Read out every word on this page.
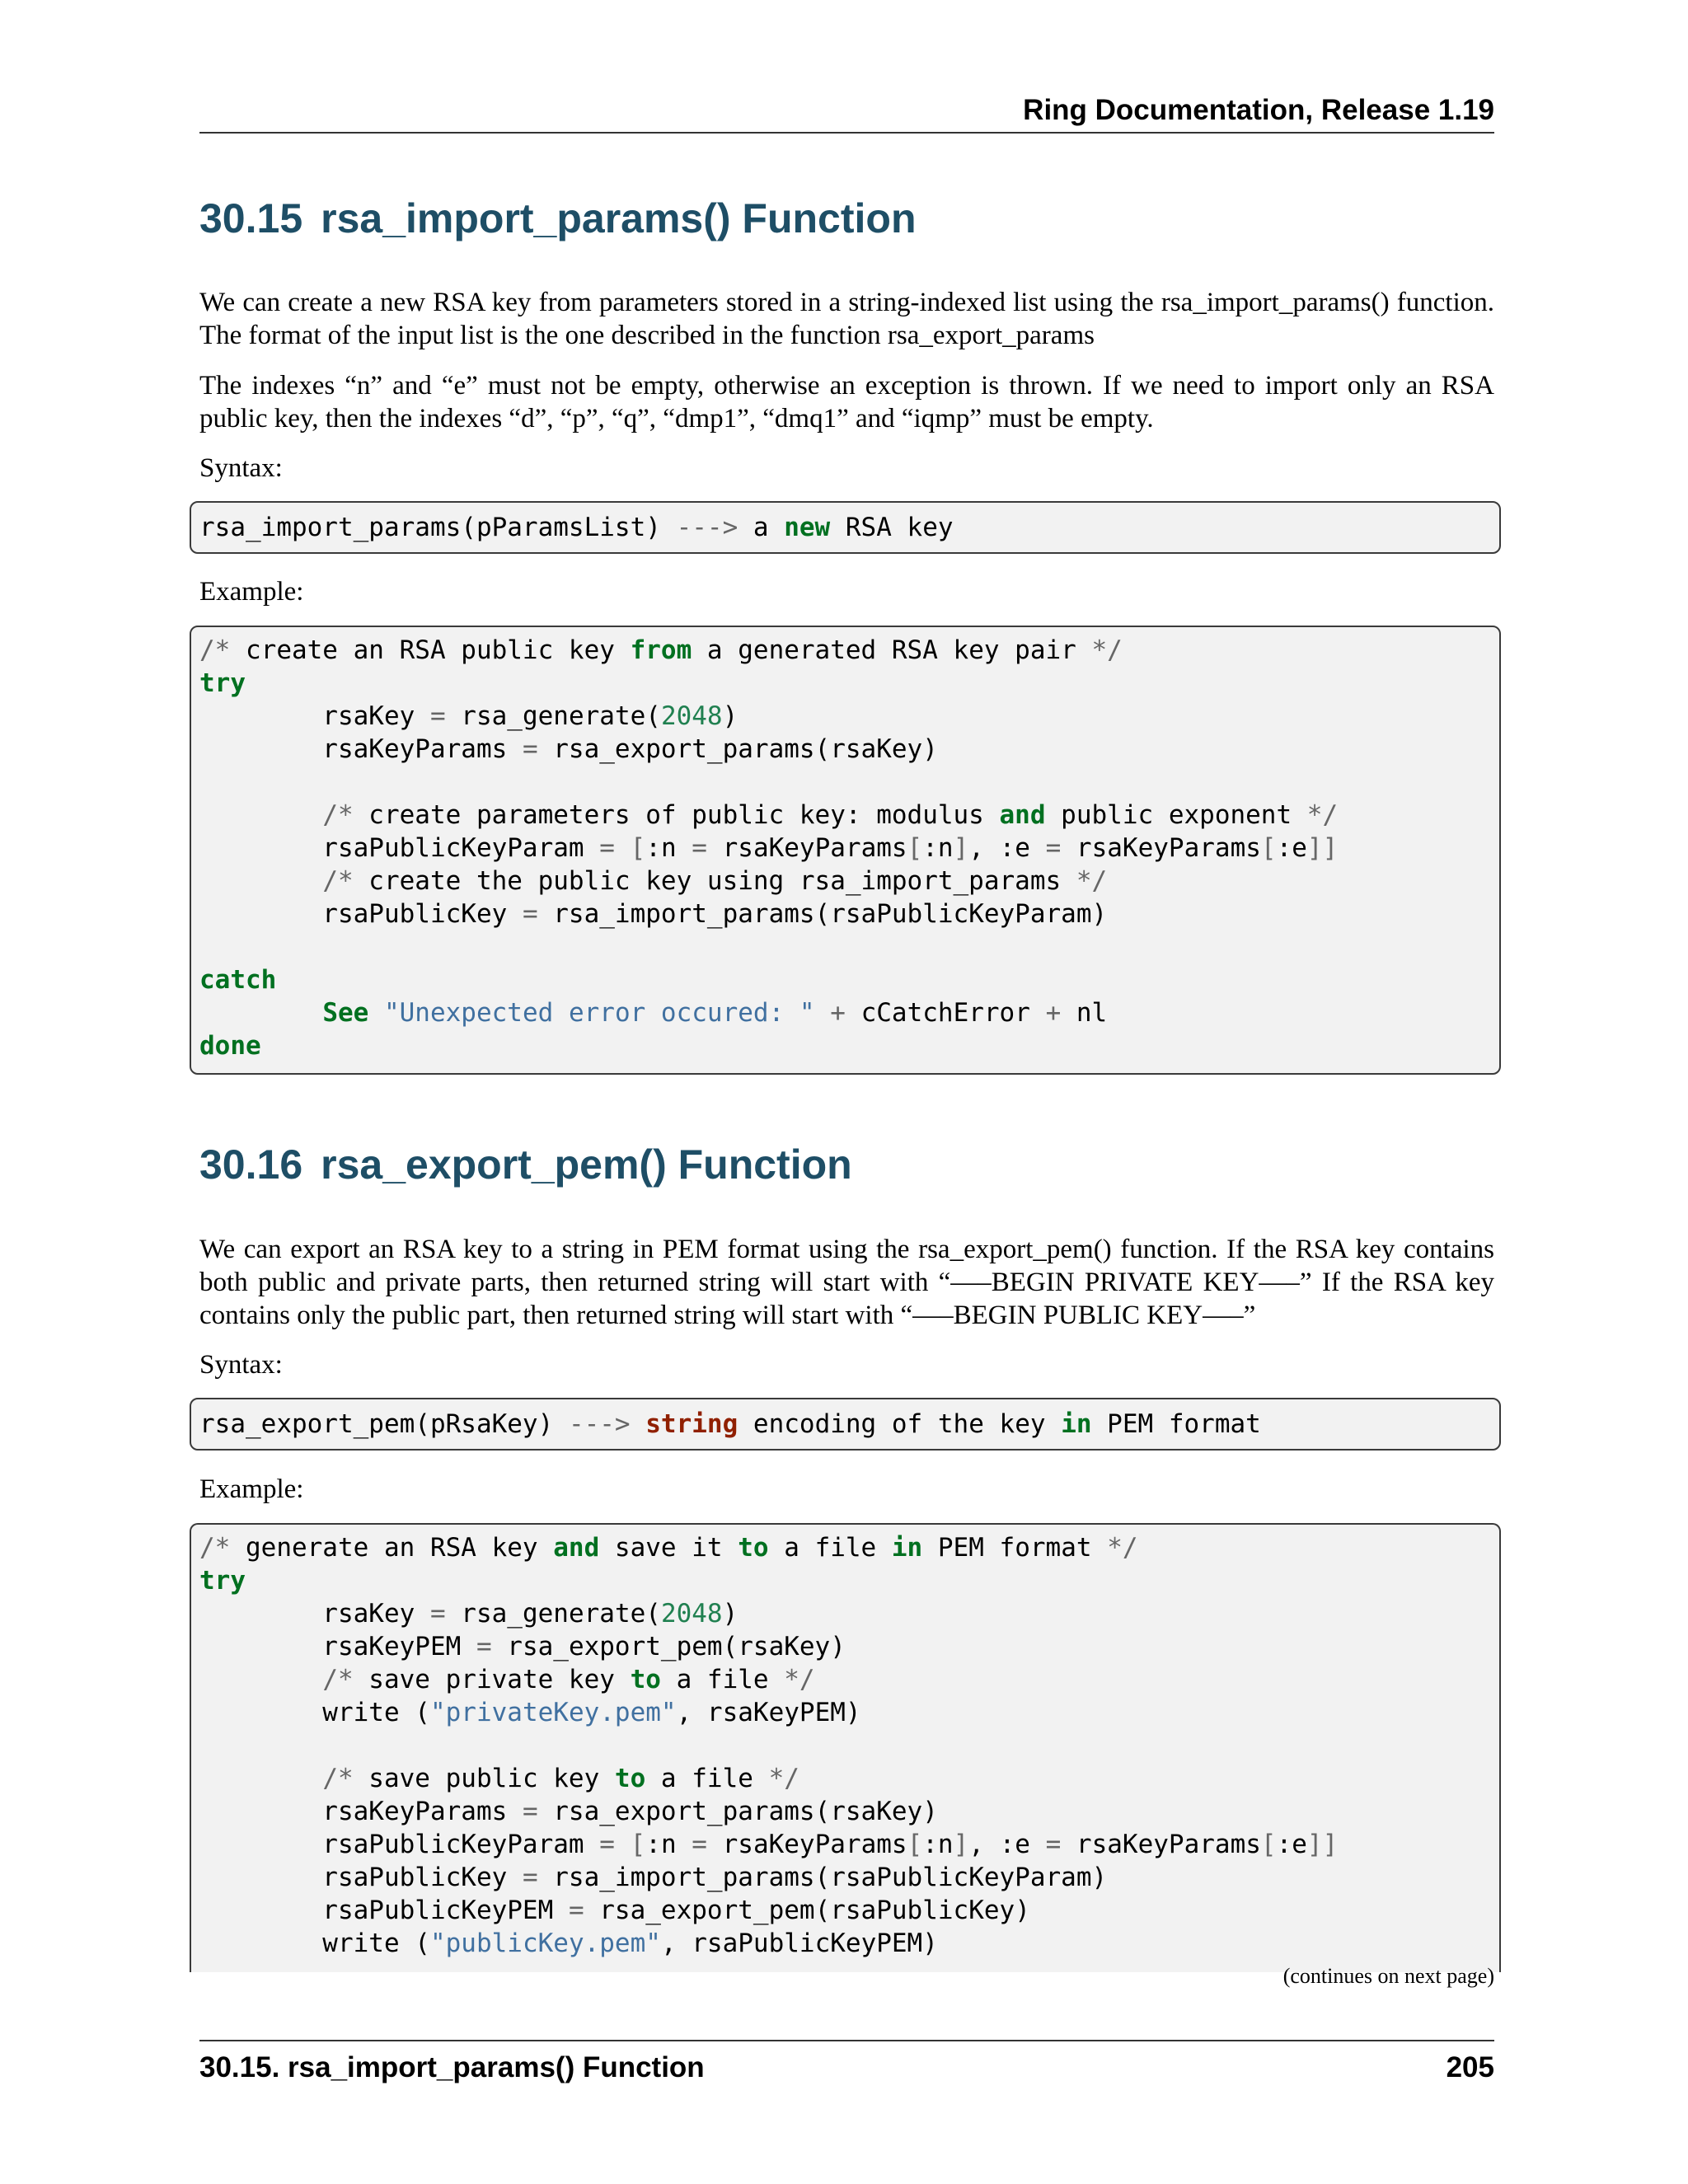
Ring Documentation, Release 1.19
30.15 rsa_import_params() Function

We can create a new RSA key from parameters stored in a string-indexed list using the rsa_import_params() function. The format of the input list is the one described in the function rsa_export_params

The indexes “n” and “e” must not be empty, otherwise an exception is thrown. If we need to import only an RSA public key, then the indexes “d”, “p”, “q”, “dmp1”, “dmq1” and “iqmp” must be empty.

Syntax:

rsa_import_params(pParamsList) ---> a new RSA key

Example:

/* create an RSA public key from a generated RSA key pair */
try
rsaKey = rsa_generate(2048)
rsaKeyParams = rsa_export_params(rsaKey)

/* create parameters of public key: modulus and public exponent */
rsaPublicKeyParam = [:n = rsaKeyParams[:n], :e = rsaKeyParams[:e]]
/* create the public key using rsa_import_params */
rsaPublicKey = rsa_import_params(rsaPublicKeyParam)

catch
See "Unexpected error occured: " + cCatchError + nl
done
30.16 rsa_export_pem() Function

We can export an RSA key to a string in PEM format using the rsa_export_pem() function. If the RSA key contains both public and private parts, then returned string will start with “—–BEGIN PRIVATE KEY—–” If the RSA key contains only the public part, then returned string will start with “—–BEGIN PUBLIC KEY—–”

Syntax:

rsa_export_pem(pRsaKey) ---> string encoding of the key in PEM format

Example:

/* generate an RSA key and save it to a file in PEM format */
try
rsaKey = rsa_generate(2048)
rsaKeyPEM = rsa_export_pem(rsaKey)
/* save private key to a file */
write ("privateKey.pem", rsaKeyPEM)

/* save public key to a file */
rsaKeyParams = rsa_export_params(rsaKey)
rsaPublicKeyParam = [:n = rsaKeyParams[:n], :e = rsaKeyParams[:e]]
rsaPublicKey = rsa_import_params(rsaPublicKeyParam)
rsaPublicKeyPEM = rsa_export_pem(rsaPublicKey)
write ("publicKey.pem", rsaPublicKeyPEM)
(continues on next page)
30.15. rsa_import_params() Function	205
